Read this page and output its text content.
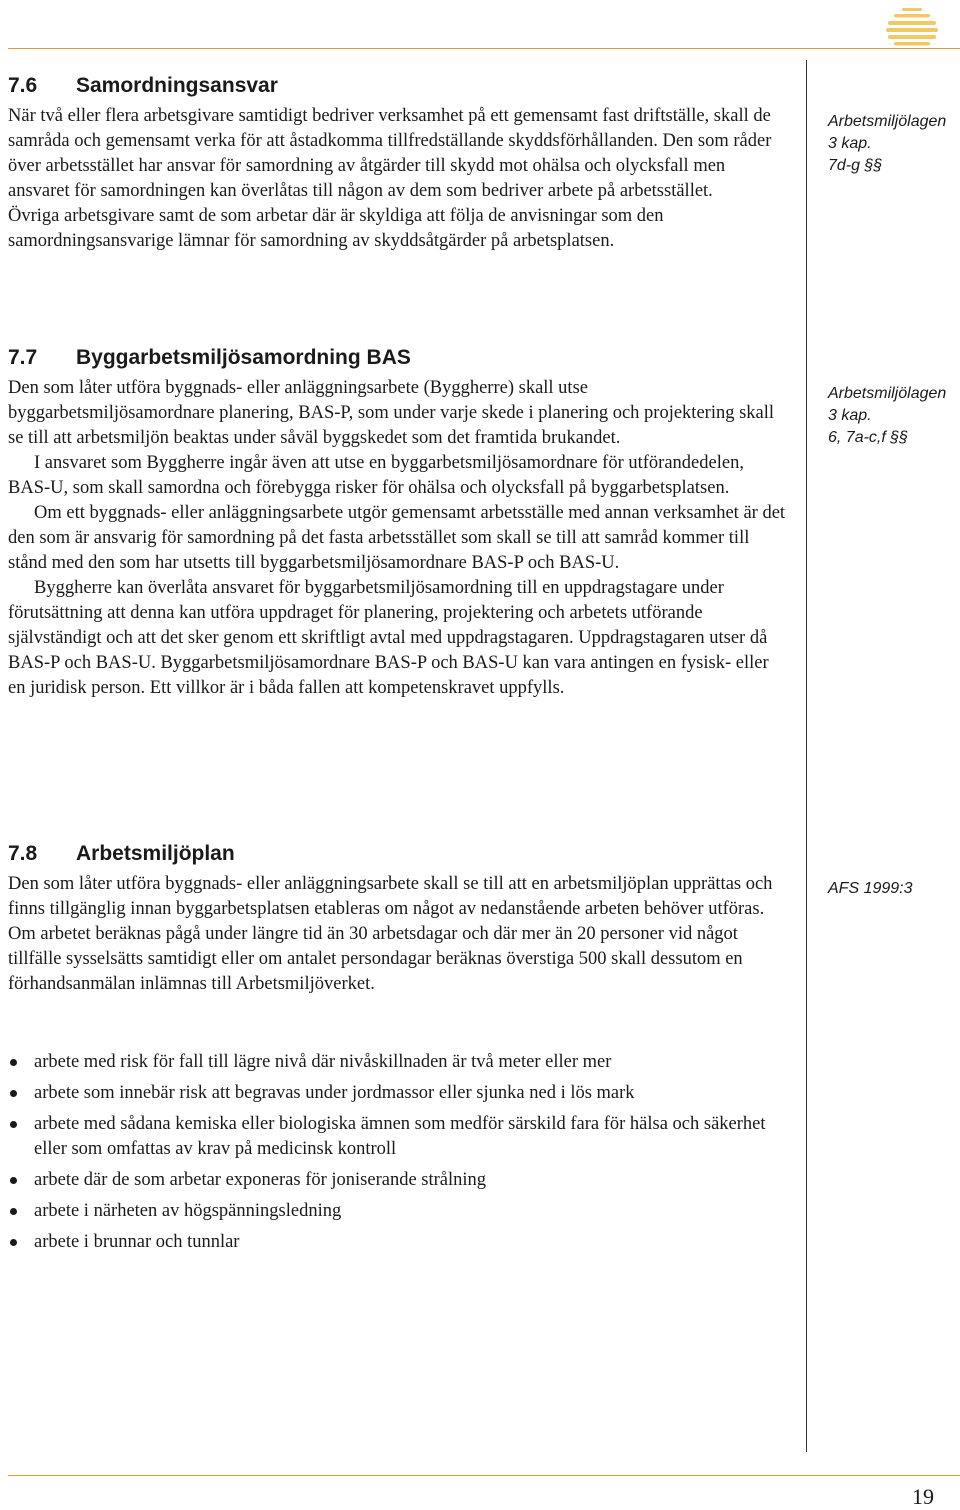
7.6	Samordningsansvar

När två eller flera arbetsgivare samtidigt bedriver verksamhet på ett gemensamt fast driftställe, skall de samråda och gemensamt verka för att åstadkomma tillfredställande skyddsförhållanden. Den som råder över arbetsstället har ansvar för samordning av åtgärder till skydd mot ohälsa och olycksfall men ansvaret för samordningen kan överlåtas till någon av dem som bedriver arbete på arbetsstället.

Övriga arbetsgivare samt de som arbetar där är skyldiga att följa de anvisningar som den samordningsansvarige lämnar för samordning av skyddsåtgärder på arbetsplatsen.

Arbetsmiljölagen
3 kap.
7d-g §§
7.7	Byggarbetsmiljösamordning BAS

Den som låter utföra byggnads- eller anläggningsarbete (Byggherre) skall utse byggarbetsmiljösamordnare planering, BAS-P, som under varje skede i planering och projektering skall se till att arbetsmiljön beaktas under såväl byggskedet som det framtida brukandet.

I ansvaret som Byggherre ingår även att utse en byggarbetsmiljösamordnare för utförandedelen, BAS-U, som skall samordna och förebygga risker för ohälsa och olycksfall på byggarbetsplatsen.

Om ett byggnads- eller anläggningsarbete utgör gemensamt arbetsställe med annan verksamhet är det den som är ansvarig för samordning på det fasta arbetsstället som skall se till att samråd kommer till stånd med den som har utsetts till byggarbetsmiljösamordnare BAS-P och BAS-U.

Byggherre kan överlåta ansvaret för byggarbetsmiljösamordning till en uppdragstagare under förutsättning att denna kan utföra uppdraget för planering, projektering och arbetets utförande självständigt och att det sker genom ett skriftligt avtal med uppdragstagaren. Uppdragstagaren utser då BAS-P och BAS-U. Byggarbetsmiljösamordnare BAS-P och BAS-U kan vara antingen en fysisk- eller en juridisk person. Ett villkor är i båda fallen att kompetenskravet uppfylls.

Arbetsmiljölagen
3 kap.
6, 7a-c,f §§
7.8	Arbetsmiljöplan

Den som låter utföra byggnads- eller anläggningsarbete skall se till att en arbetsmiljöplan upprättas och finns tillgänglig innan byggarbetsplatsen etableras om något av nedanstående arbeten behöver utföras. Om arbetet beräknas pågå under längre tid än 30 arbetsdagar och där mer än 20 personer vid något tillfälle sysselsätts samtidigt eller om antalet persondagar beräknas överstiga 500 skall dessutom en förhandsanmälan inlämnas till Arbetsmiljöverket.

AFS 1999:3
arbete med risk för fall till lägre nivå där nivåskillnaden är två meter eller mer
arbete som innebär risk att begravas under jordmassor eller sjunka ned i lös mark
arbete med sådana kemiska eller biologiska ämnen som medför särskild fara för hälsa och säkerhet eller som omfattas av krav på medicinsk kontroll
arbete där de som arbetar exponeras för joniserande strålning
arbete i närheten av högspänningsledning
arbete i brunnar och tunnlar
19
